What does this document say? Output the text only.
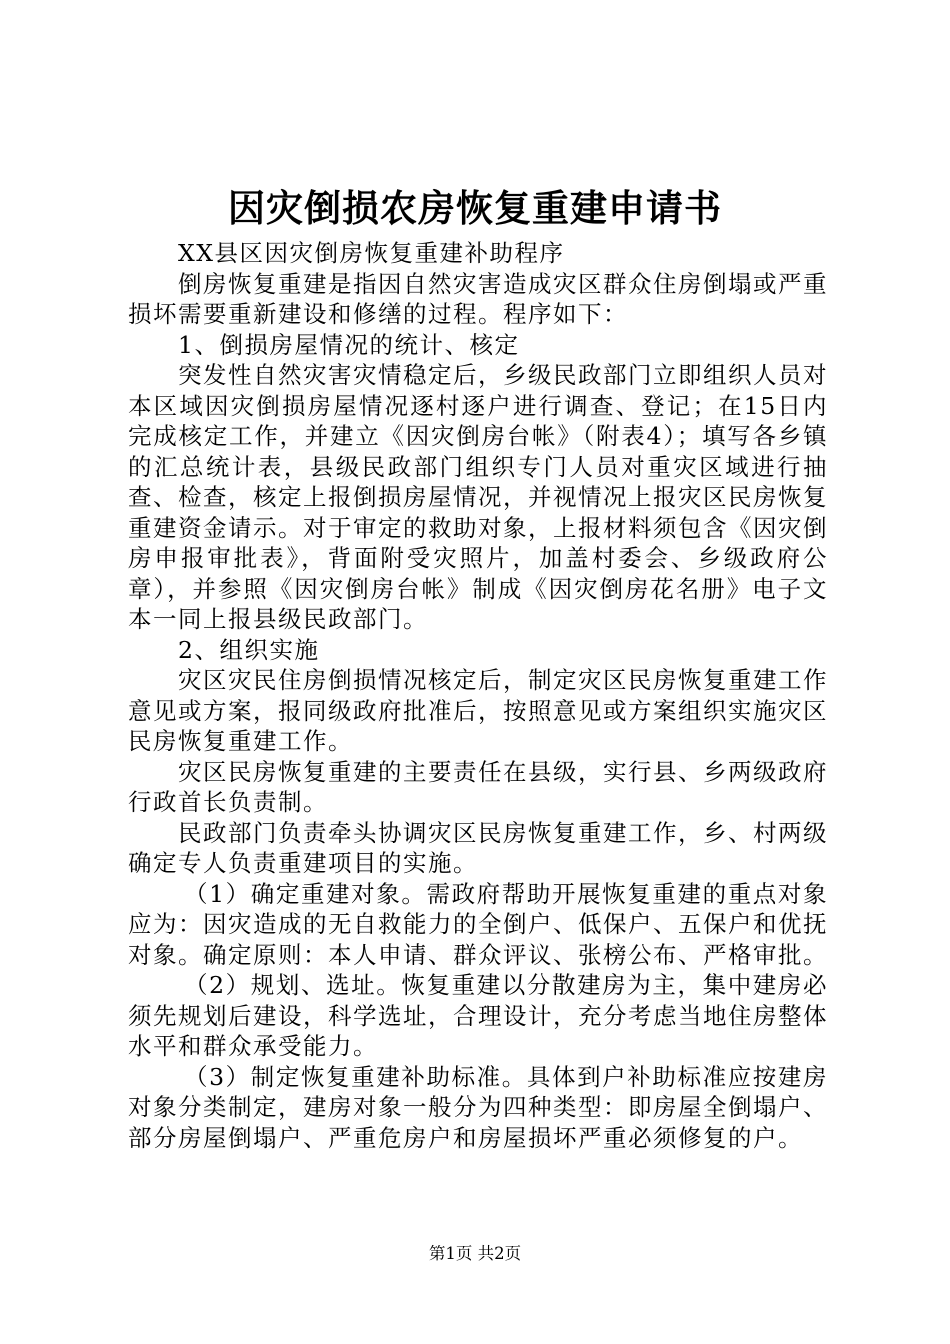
因灾倒损农房恢复重建申请书

XX县区因灾倒房恢复重建补助程序

倒房恢复重建是指因自然灾害造成灾区群众住房倒塌或严重损坏需要重新建设和修缮的过程。程序如下：

1、倒损房屋情况的统计、核定

突发性自然灾害灾情稳定后，乡级民政部门立即组织人员对本区域因灾倒损房屋情况逐村逐户进行调查、登记；在15日内完成核定工作，并建立《因灾倒房台帐》（附表4）；填写各乡镇的汇总统计表，县级民政部门组织专门人员对重灾区域进行抽查、检查，核定上报倒损房屋情况，并视情况上报灾区民房恢复重建资金请示。对于审定的救助对象，上报材料须包含《因灾倒房申报审批表》，背面附受灾照片，加盖村委会、乡级政府公章），并参照《因灾倒房台帐》制成《因灾倒房花名册》电子文本一同上报县级民政部门。

2、组织实施

灾区灾民住房倒损情况核定后，制定灾区民房恢复重建工作意见或方案，报同级政府批准后，按照意见或方案组织实施灾区民房恢复重建工作。

灾区民房恢复重建的主要责任在县级，实行县、乡两级政府行政首长负责制。

民政部门负责牵头协调灾区民房恢复重建工作，乡、村两级确定专人负责重建项目的实施。

（1）确定重建对象。需政府帮助开展恢复重建的重点对象应为：因灾造成的无自救能力的全倒户、低保户、五保户和优抚对象。确定原则：本人申请、群众评议、张榜公布、严格审批。

（2）规划、选址。恢复重建以分散建房为主，集中建房必须先规划后建设，科学选址，合理设计，充分考虑当地住房整体水平和群众承受能力。

（3）制定恢复重建补助标准。具体到户补助标准应按建房对象分类制定，建房对象一般分为四种类型：即房屋全倒塌户、部分房屋倒塌户、严重危房户和房屋损坏严重必须修复的户。

第1页 共2页
